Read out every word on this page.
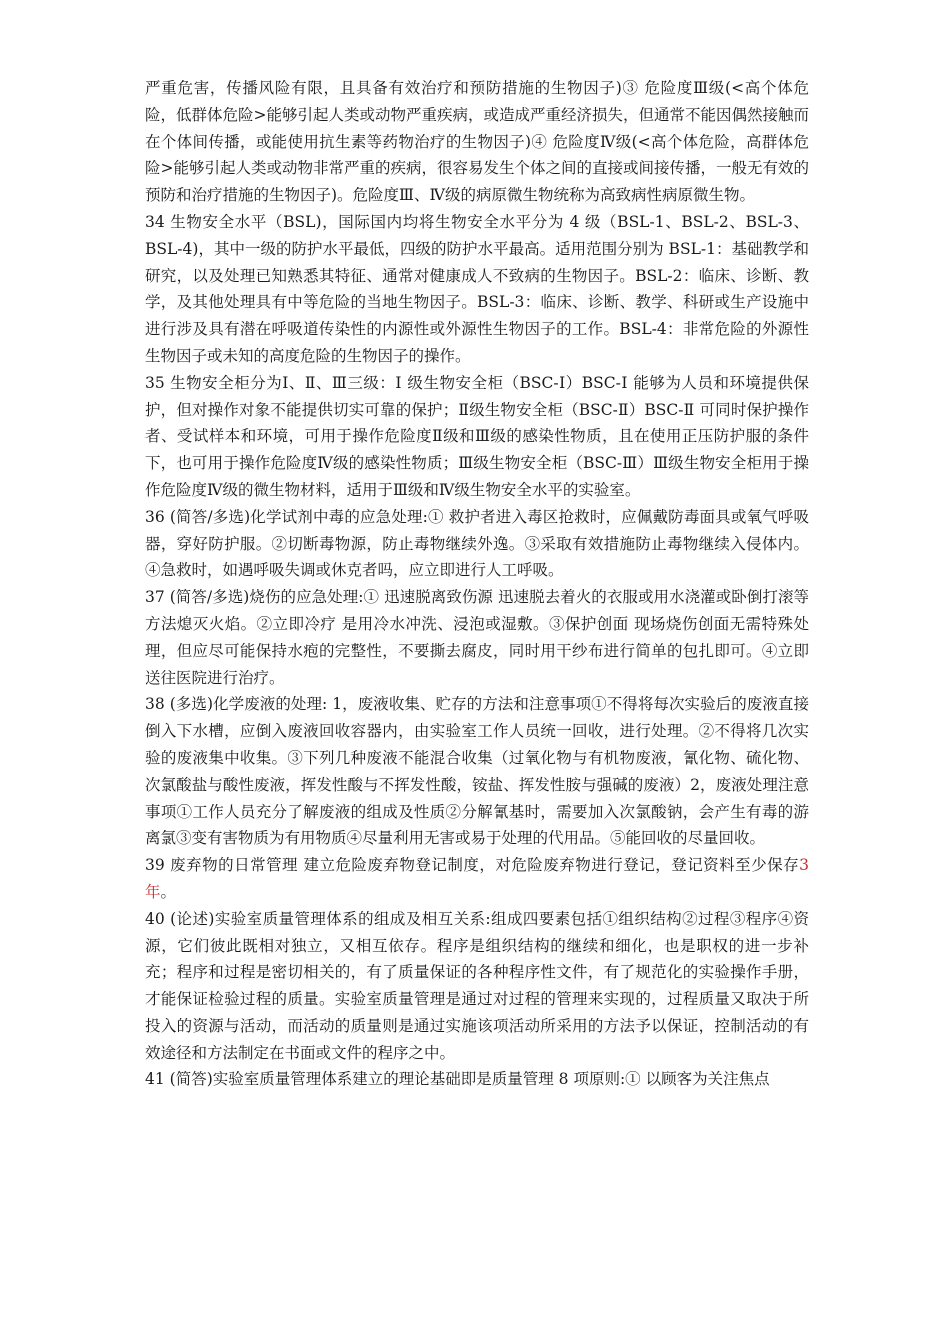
严重危害，传播风险有限，且具备有效治疗和预防措施的生物因子)③ 危险度Ⅲ级(<高个体危险，低群体危险>能够引起人类或动物严重疾病，或造成严重经济损失，但通常不能因偶然接触而在个体间传播，或能使用抗生素等药物治疗的生物因子)④ 危险度Ⅳ级(<高个体危险，高群体危险>能够引起人类或动物非常严重的疾病，很容易发生个体之间的直接或间接传播，一般无有效的预防和治疗措施的生物因子)。危险度Ⅲ、Ⅳ级的病原微生物统称为高致病性病原微生物。

34 生物安全水平（BSL)，国际国内均将生物安全水平分为 4 级（BSL-1、BSL-2、BSL-3、BSL-4)，其中一级的防护水平最低，四级的防护水平最高。适用范围分别为 BSL-1：基础教学和研究，以及处理已知熟悉其特征、通常对健康成人不致病的生物因子。BSL-2：临床、诊断、教学，及其他处理具有中等危险的当地生物因子。BSL-3：临床、诊断、教学、科研或生产设施中进行涉及具有潜在呼吸道传染性的内源性或外源性生物因子的工作。BSL-4：非常危险的外源性生物因子或未知的高度危险的生物因子的操作。

35 生物安全柜分为Ⅰ、Ⅱ、Ⅲ三级：Ⅰ 级生物安全柜（BSC-Ⅰ）BSC-Ⅰ 能够为人员和环境提供保护，但对操作对象不能提供切实可靠的保护；Ⅱ级生物安全柜（BSC-Ⅱ）BSC-Ⅱ 可同时保护操作者、受试样本和环境，可用于操作危险度Ⅱ级和Ⅲ级的感染性物质，且在使用正压防护服的条件下，也可用于操作危险度Ⅳ级的感染性物质；Ⅲ级生物安全柜（BSC-Ⅲ）Ⅲ级生物安全柜用于操作危险度Ⅳ级的微生物材料，适用于Ⅲ级和Ⅳ级生物安全水平的实验室。

36 (简答/多选)化学试剂中毒的应急处理:① 救护者进入毒区抢救时，应佩戴防毒面具或氧气呼吸器，穿好防护服。②切断毒物源，防止毒物继续外逸。③采取有效措施防止毒物继续入侵体内。④急救时，如遇呼吸失调或休克者吗，应立即进行人工呼吸。

37 (简答/多选)烧伤的应急处理:① 迅速脱离致伤源 迅速脱去着火的衣服或用水浇灌或卧倒打滚等方法熄灭火焰。②立即冷疗 是用冷水冲洗、浸泡或湿敷。③保护创面 现场烧伤创面无需特殊处理，但应尽可能保持水疱的完整性，不要撕去腐皮，同时用干纱布进行简单的包扎即可。④立即送往医院进行治疗。

38 (多选)化学废液的处理: 1，废液收集、贮存的方法和注意事项①不得将每次实验后的废液直接倒入下水槽，应倒入废液回收容器内，由实验室工作人员统一回收，进行处理。②不得将几次实验的废液集中收集。③下列几种废液不能混合收集（过氧化物与有机物废液，氰化物、硫化物、次氯酸盐与酸性废液，挥发性酸与不挥发性酸，铵盐、挥发性胺与强碱的废液）2，废液处理注意事项①工作人员充分了解废液的组成及性质②分解氰基时，需要加入次氯酸钠，会产生有毒的游离氯③变有害物质为有用物质④尽量利用无害或易于处理的代用品。⑤能回收的尽量回收。

39 废弃物的日常管理 建立危险废弃物登记制度，对危险废弃物进行登记，登记资料至少保存3 年。

40 (论述)实验室质量管理体系的组成及相互关系:组成四要素包括①组织结构②过程③程序④资源，它们彼此既相对独立，又相互依存。程序是组织结构的继续和细化，也是职权的进一步补充；程序和过程是密切相关的，有了质量保证的各种程序性文件，有了规范化的实验操作手册，才能保证检验过程的质量。实验室质量管理是通过对过程的管理来实现的，过程质量又取决于所投入的资源与活动，而活动的质量则是通过实施该项活动所采用的方法予以保证，控制活动的有效途径和方法制定在书面或文件的程序之中。

41 (简答)实验室质量管理体系建立的理论基础即是质量管理 8 项原则:① 以顾客为关注焦点
